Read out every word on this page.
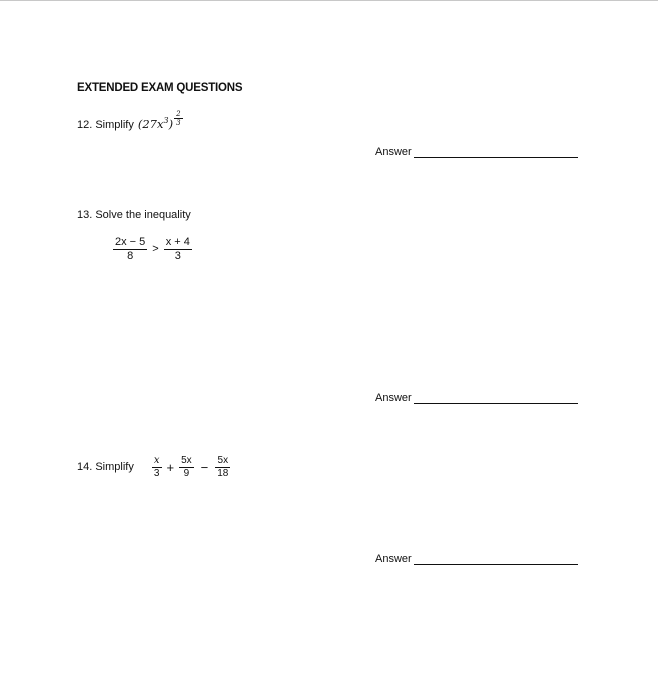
EXTENDED EXAM QUESTIONS
12. Simplify $(27x^3) \frac{2}{3}$
Answer
13. Solve the inequality
$\frac{2x - 5}{8} > \frac{x + 4}{3}$
Answer
14. Simplify $\frac{x}{3} + \frac{5x}{9} - \frac{5x}{18}$
Answer
